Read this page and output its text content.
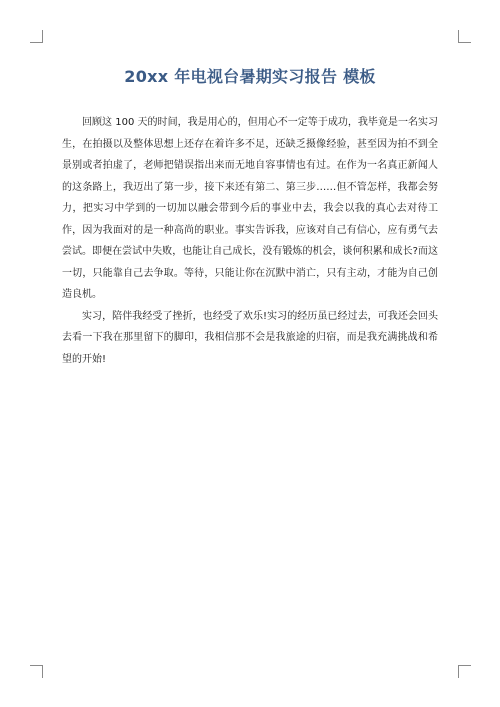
20xx 年电视台暑期实习报告 模板

回顾这 100 天的时间，我是用心的，但用心不一定等于成功，我毕竟是一名实习生，在拍摄以及整体思想上还存在着许多不足，还缺乏摄像经验，甚至因为拍不到全景别或者拍虚了，老师把错误指出来而无地自容事情也有过。在作为一名真正新闻人的这条路上，我迈出了第一步，接下来还有第二、第三步……但不管怎样，我都会努力，把实习中学到的一切加以融会带到今后的事业中去，我会以我的真心去对待工作，因为我面对的是一种高尚的职业。事实告诉我，应该对自己有信心，应有勇气去尝试。即便在尝试中失败，也能让自己成长，没有锻炼的机会，谈何积累和成长?而这一切，只能靠自己去争取。等待，只能让你在沉默中消亡，只有主动，才能为自己创造良机。

实习，陪伴我经受了挫折，也经受了欢乐!实习的经历虽已经过去，可我还会回头去看一下我在那里留下的脚印，我相信那不会是我旅途的归宿，而是我充满挑战和希望的开始!
